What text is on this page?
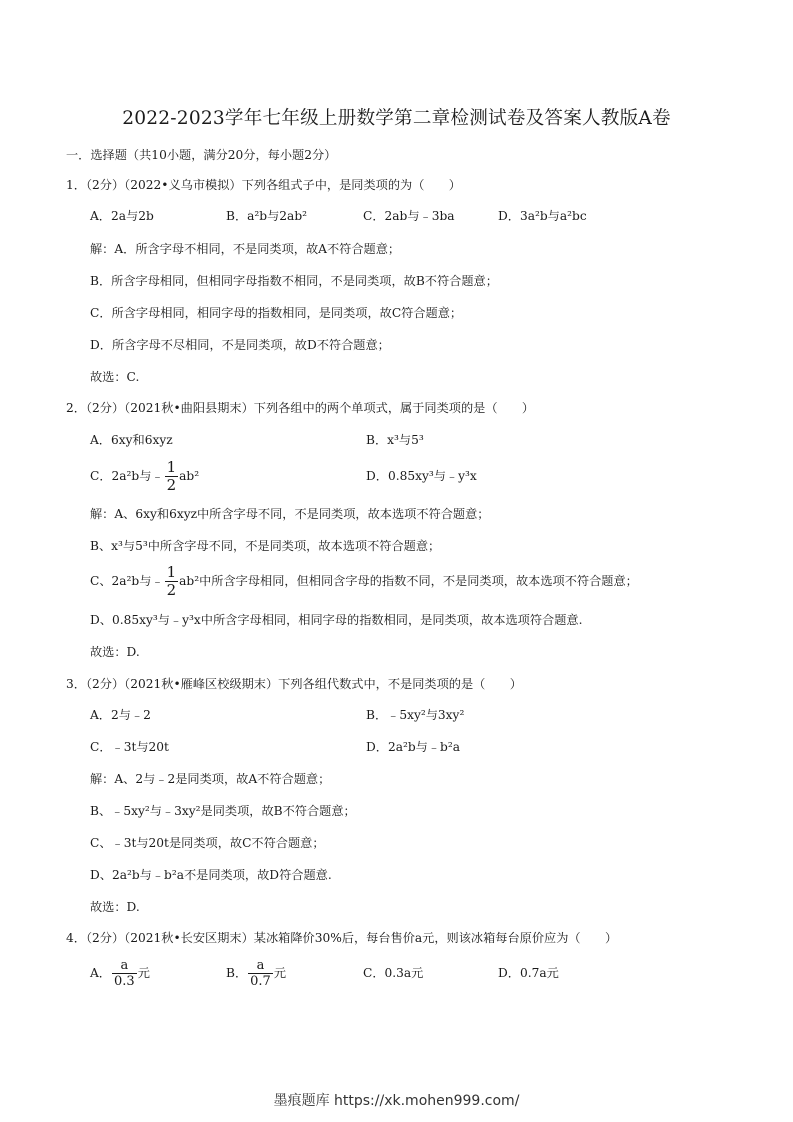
2022-2023学年七年级上册数学第二章检测试卷及答案人教版A卷
一．选择题（共10小题，满分20分，每小题2分）
1．（2分）（2022•义乌市模拟）下列各组式子中，是同类项的为（　　）
A．2a与2b	B．a²b与2ab²	C．2ab与﹣3ba	D．3a²b与a²bc
解：A．所含字母不相同，不是同类项，故A不符合题意；
B．所含字母相同，但相同字母指数不相同，不是同类项，故B不符合题意；
C．所含字母相同，相同字母的指数相同，是同类项，故C符合题意；
D．所含字母不尽相同，不是同类项，故D不符合题意；
故选：C.
2．（2分）（2021秋•曲阳县期末）下列各组中的两个单项式，属于同类项的是（　　）
A．6xy和6xyz	B．x³与5³
C．2a²b与﹣ $\frac{1}{2} ab^2$	D．0.85xy³与﹣y³x
解：A、6xy和6xyz中所含字母不同，不是同类项，故本选项不符合题意；
B、x³与5³中所含字母不同，不是同类项，故本选项不符合题意；
C、2a²b与﹣ $\frac{1}{2} ab^2$中所含字母相同，但相同含字母的指数不同，不是同类项，故本选项不符合题意；
D、0.85xy³与﹣y³x中所含字母相同，相同字母的指数相同，是同类项，故本选项符合题意.
故选：D.
3．（2分）（2021秋•雁峰区校级期末）下列各组代数式中，不是同类项的是（　　）
A．2与﹣2	B．﹣5xy²与3xy²
C．﹣3t与20t	D．2a²b与﹣b²a
解：A、2与﹣2是同类项，故A不符合题意；
B、﹣5xy²与﹣3xy²是同类项，故B不符合题意；
C、﹣3t与20t是同类项，故C不符合题意；
D、2a²b与﹣b²a不是同类项，故D符合题意.
故选：D.
4．（2分）（2021秋•长安区期末）某冰箱降价30%后，每台售价a元，则该冰箱每台原价应为（　　）
A． $\frac{a}{0.3}$ 元	B． $\frac{a}{0.7}$ 元	C．0.3a元	D．0.7a元
墨痕题库 https://xk.mohen999.com/
